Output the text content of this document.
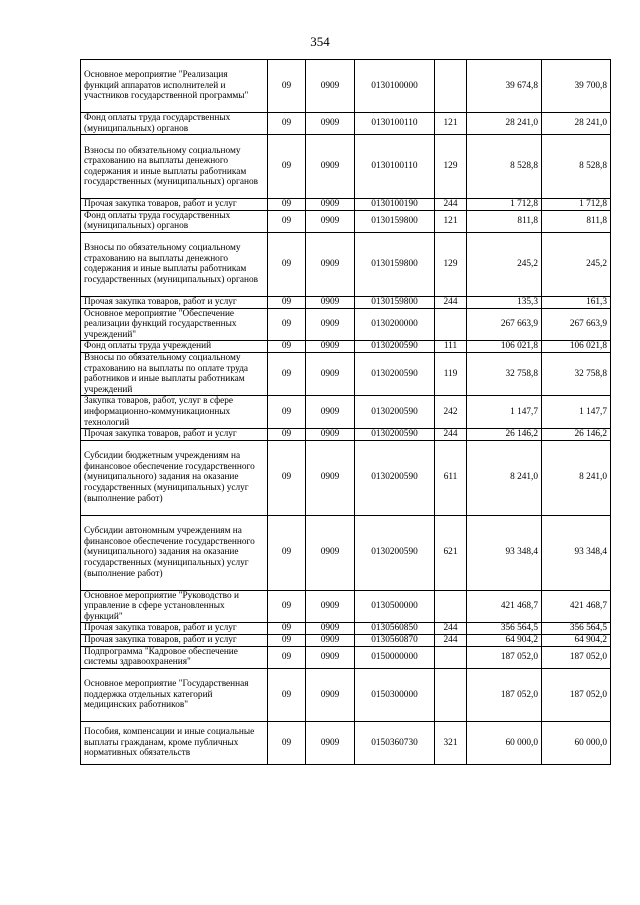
354
Основное мероприятие "Реализация функций аппаратов исполнителей и участников государственной программы"	09	0909	0130100000		39 674,8	39 700,8
Фонд оплаты труда государственных (муниципальных) органов	09	0909	0130100110	121	28 241,0	28 241,0
Взносы по обязательному социальному страхованию на выплаты денежного содержания и иные выплаты работникам государственных (муниципальных) органов	09	0909	0130100110	129	8 528,8	8 528,8
Прочая закупка товаров, работ и услуг	09	0909	0130100190	244	1 712,8	1 712,8
Фонд оплаты труда государственных (муниципальных) органов	09	0909	0130159800	121	811,8	811,8
Взносы по обязательному социальному страхованию на выплаты денежного содержания и иные выплаты работникам государственных (муниципальных) органов	09	0909	0130159800	129	245,2	245,2
Прочая закупка товаров, работ и услуг	09	0909	0130159800	244	135,3	161,3
Основное мероприятие "Обеспечение реализации функций государственных учреждений"	09	0909	0130200000		267 663,9	267 663,9
Фонд оплаты труда учреждений	09	0909	0130200590	111	106 021,8	106 021,8
Взносы по обязательному социальному страхованию на выплаты по оплате труда работников и иные выплаты работникам учреждений	09	0909	0130200590	119	32 758,8	32 758,8
Закупка товаров, работ, услуг в сфере информационно-коммуникационных технологий	09	0909	0130200590	242	1 147,7	1 147,7
Прочая закупка товаров, работ и услуг	09	0909	0130200590	244	26 146,2	26 146,2
Субсидии бюджетным учреждениям на финансовое обеспечение государственного (муниципального) задания на оказание государственных (муниципальных) услуг (выполнение работ)	09	0909	0130200590	611	8 241,0	8 241,0
Субсидии автономным учреждениям на финансовое обеспечение государственного (муниципального) задания на оказание государственных (муниципальных) услуг (выполнение работ)	09	0909	0130200590	621	93 348,4	93 348,4
Основное мероприятие "Руководство и управление в сфере установленных функций"	09	0909	0130500000		421 468,7	421 468,7
Прочая закупка товаров, работ и услуг	09	0909	0130560850	244	356 564,5	356 564,5
Прочая закупка товаров, работ и услуг	09	0909	0130560870	244	64 904,2	64 904,2
Подпрограмма "Кадровое обеспечение системы здравоохранения"	09	0909	0150000000		187 052,0	187 052,0
Основное мероприятие "Государственная поддержка отдельных категорий медицинских работников"	09	0909	0150300000		187 052,0	187 052,0
Пособия, компенсации и иные социальные выплаты гражданам, кроме публичных нормативных обязательств	09	0909	0150360730	321	60 000,0	60 000,0
